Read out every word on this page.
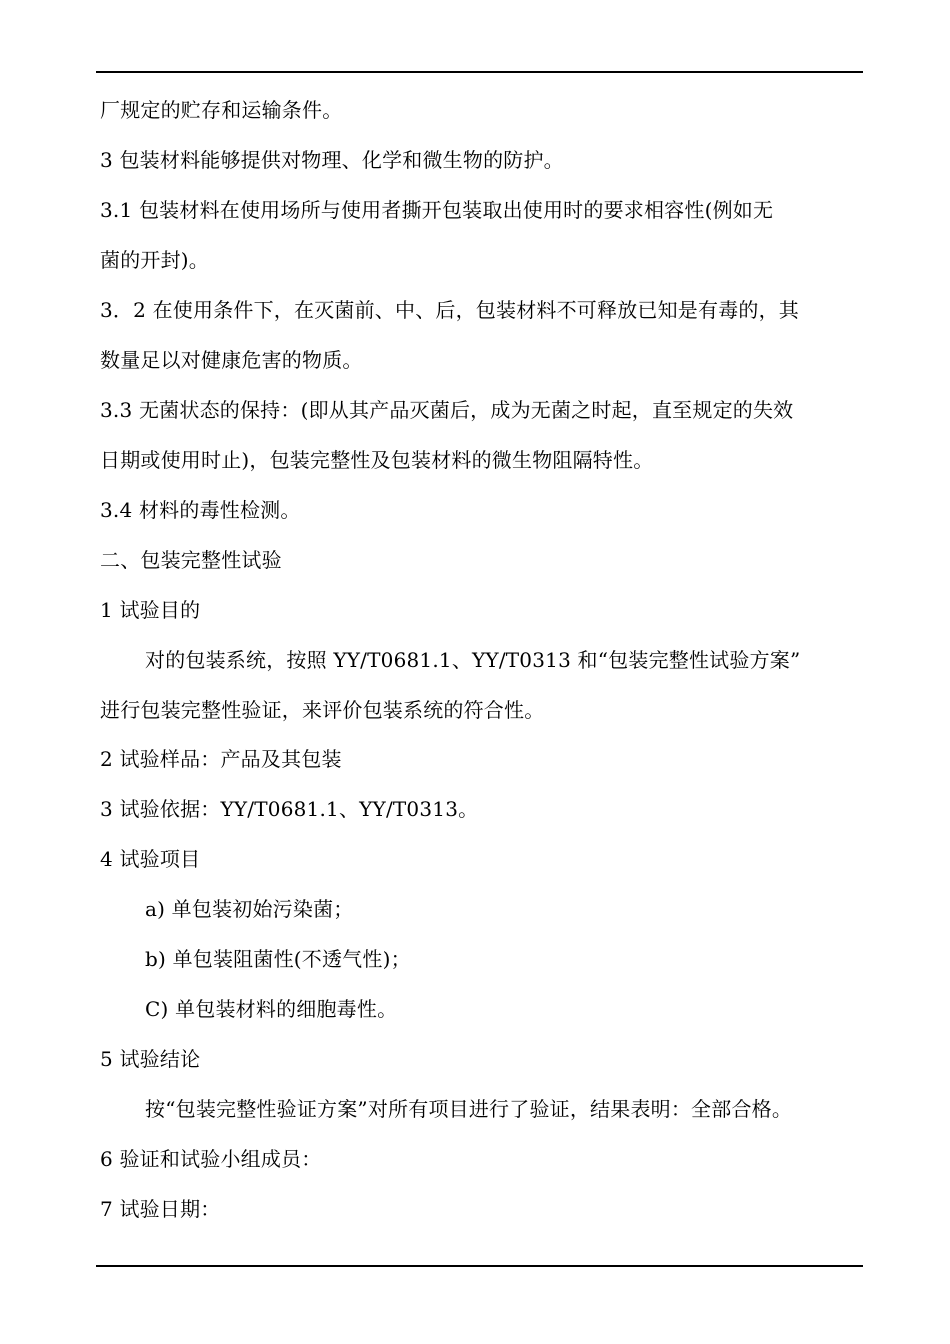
厂规定的贮存和运输条件。
3 包装材料能够提供对物理、化学和微生物的防护。
3.1 包装材料在使用场所与使用者撕开包装取出使用时的要求相容性(例如无
菌的开封)。
3．2 在使用条件下，在灭菌前、中、后，包装材料不可释放已知是有毒的，其
数量足以对健康危害的物质。
3.3 无菌状态的保持：(即从其产品灭菌后，成为无菌之时起，直至规定的失效
日期或使用时止)，包装完整性及包装材料的微生物阻隔特性。
3.4 材料的毒性检测。
二、包装完整性试验
1 试验目的
对的包装系统，按照 YY/T0681.1、YY/T0313 和“包装完整性试验方案”
进行包装完整性验证，来评价包装系统的符合性。
2 试验样品：产品及其包装
3 试验依据：YY/T0681.1、YY/T0313。
4 试验项目
a) 单包装初始污染菌；
b) 单包装阻菌性(不透气性)；
C) 单包装材料的细胞毒性。
5 试验结论
按“包装完整性验证方案”对所有项目进行了验证，结果表明：全部合格。
6 验证和试验小组成员：
7 试验日期：
